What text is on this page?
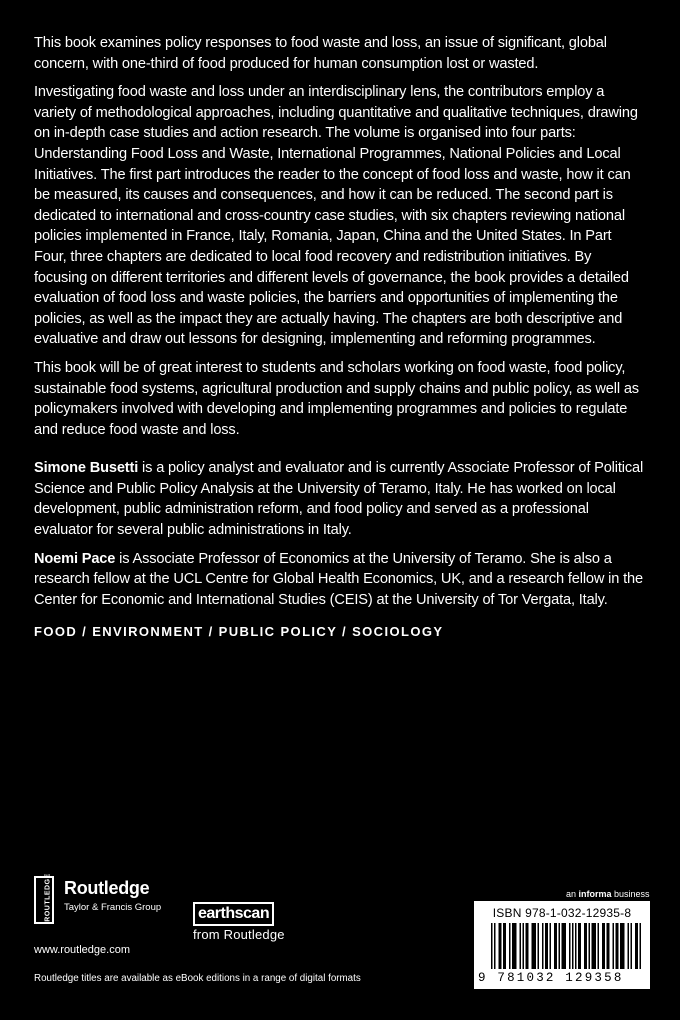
This book examines policy responses to food waste and loss, an issue of significant, global concern, with one-third of food produced for human consumption lost or wasted.

Investigating food waste and loss under an interdisciplinary lens, the contributors employ a variety of methodological approaches, including quantitative and qualitative techniques, drawing on in-depth case studies and action research. The volume is organised into four parts: Understanding Food Loss and Waste, International Programmes, National Policies and Local Initiatives. The first part introduces the reader to the concept of food loss and waste, how it can be measured, its causes and consequences, and how it can be reduced. The second part is dedicated to international and cross-country case studies, with six chapters reviewing national policies implemented in France, Italy, Romania, Japan, China and the United States. In Part Four, three chapters are dedicated to local food recovery and redistribution initiatives. By focusing on different territories and different levels of governance, the book provides a detailed evaluation of food loss and waste policies, the barriers and opportunities of implementing the policies, as well as the impact they are actually having. The chapters are both descriptive and evaluative and draw out lessons for designing, implementing and reforming programmes.

This book will be of great interest to students and scholars working on food waste, food policy, sustainable food systems, agricultural production and supply chains and public policy, as well as policymakers involved with developing and implementing programmes and policies to regulate and reduce food waste and loss.

Simone Busetti is a policy analyst and evaluator and is currently Associate Professor of Political Science and Public Policy Analysis at the University of Teramo, Italy. He has worked on local development, public administration reform, and food policy and served as a professional evaluator for several public administrations in Italy.

Noemi Pace is Associate Professor of Economics at the University of Teramo. She is also a research fellow at the UCL Centre for Global Health Economics, UK, and a research fellow in the Center for Economic and International Studies (CEIS) at the University of Tor Vergata, Italy.

FOOD / ENVIRONMENT / PUBLIC POLICY / SOCIOLOGY
ROUTLEDGE Routledge
Taylor & Francis Group
www.routledge.com
earthscan
from Routledge
an informa business
ISBN 978-1-032-12935-8
9 781032 129358
Routledge titles are available as eBook editions in a range of digital formats
